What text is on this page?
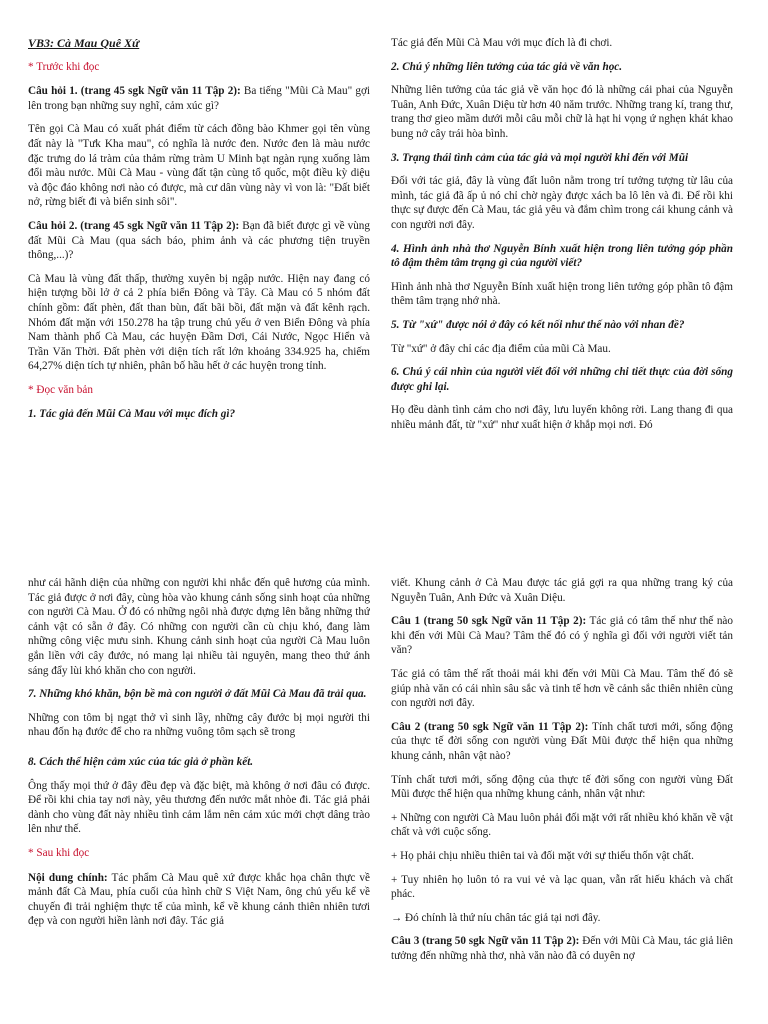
VB3: Cà Mau Quê Xứ

* Trước khi đọc

Câu hỏi 1. (trang 45 sgk Ngữ văn 11 Tập 2): Ba tiếng "Mũi Cà Mau" gợi lên trong bạn những suy nghĩ, cảm xúc gì?

Tên gọi Cà Mau có xuất phát điểm từ cách đồng bào Khmer gọi tên vùng đất này là "Tưk Kha mau", có nghĩa là nước đen. Nước đen là màu nước đặc trưng do lá tràm của thảm rừng tràm U Minh bạt ngàn rụng xuống làm đổi màu nước. Mũi Cà Mau - vùng đất tận cùng tổ quốc, một điều kỳ diệu và độc đáo không nơi nào có được, mà cư dân vùng này vì von là: "Đất biết nở, rừng biết đi và biển sinh sôi".

Câu hỏi 2. (trang 45 sgk Ngữ văn 11 Tập 2): Bạn đã biết được gì về vùng đất Mũi Cà Mau (qua sách báo, phim ảnh và các phương tiện truyền thông,...)?

Cà Mau là vùng đất thấp, thường xuyên bị ngập nước. Hiện nay đang có hiện tượng bồi lở ở cả 2 phía biển Đông và Tây. Cà Mau có 5 nhóm đất chính gồm: đất phèn, đất than bùn, đất bãi bồi, đất mặn và đất kênh rạch. Nhóm đất mặn với 150.278 ha tập trung chủ yếu ở ven Biển Đông và phía Nam thành phố Cà Mau, các huyện Đầm Dơi, Cái Nước, Ngọc Hiển và Trần Văn Thời. Đất phèn với diện tích rất lớn khoảng 334.925 ha, chiếm 64,27% diện tích tự nhiên, phân bố hầu hết ở các huyện trong tỉnh.

* Đọc văn bản

1. Tác giả đến Mũi Cà Mau với mục đích gì?

Tác giả đến Mũi Cà Mau với mục đích là đi chơi.

2. Chú ý những liên tưởng của tác giả về văn học.

Những liên tưởng của tác giả về văn học đó là những cái phai của Nguyễn Tuân, Anh Đức, Xuân Diệu từ hơn 40 năm trước. Những trang kí, trang thư, trang thơ gieo mầm dưới mỗi câu mỗi chữ là hạt hi vọng ứ nghẹn khát khao bung nở cây trái hòa bình.

3. Trạng thái tình cảm của tác giả và mọi người khi đến với Mũi

Đối với tác giả, đây là vùng đất luôn nằm trong trí tưởng tượng từ lâu của mình, tác giả đã ấp ủ nó chỉ chờ ngày được xách ba lô lên và đi. Để rồi khi thực sự được đến Cà Mau, tác giả yêu và đắm chìm trong cái khung cảnh và con người nơi đây.

4. Hình ảnh nhà thơ Nguyễn Bính xuất hiện trong liên tưởng góp phần tô đậm thêm tâm trạng gì của người viết?

Hình ảnh nhà thơ Nguyễn Bính xuất hiện trong liên tưởng góp phần tô đậm thêm tâm trạng nhớ nhà.

5. Từ "xứ" được nói ở đây có kết nối như thế nào với nhan đề?

Từ "xứ" ở đây chỉ các địa điểm của mũi Cà Mau.

6. Chú ý cái nhìn của người viết đối với những chi tiết thực của đời sống được ghi lại.

Họ đều dành tình cảm cho nơi đây, lưu luyến không rời. Lang thang đi qua nhiều mảnh đất, từ "xứ" như xuất hiện ở khắp mọi nơi. Đó

như cái hãnh diện của những con người khi nhắc đến quê hương của mình. Tác giả được ở nơi đây, cùng hòa vào khung cảnh sống sinh hoạt của những con người Cà Mau. Ở đó có những ngôi nhà được dựng lên bằng những thứ cảnh vật có sẵn ở đây. Có những con người cần cù chịu khó, đang làm những công việc mưu sinh. Khung cảnh sinh hoạt của người Cà Mau luôn gắn liền với cây đước, nó mang lại nhiều tài nguyên, mang theo thứ ánh sáng đẩy lùi khó khăn cho con người.

7. Những khó khăn, bộn bề mà con người ở đất Mũi Cà Mau đã trải qua.

Những con tôm bị ngạt thở vì sinh lầy, những cây đước bị mọi người thi nhau đốn hạ đước để cho ra những vuông tôm sạch sẽ trong

8. Cách thể hiện cảm xúc của tác giả ở phần kết.

Ông thấy mọi thứ ở đây đều đẹp và đặc biệt, mà không ở nơi đâu có được. Để rồi khi chia tay nơi này, yêu thương đến nước mắt nhòe đi. Tác giả phải dành cho vùng đất này nhiều tình cảm lắm nên cảm xúc mới chợt dâng trào lên như thế.

* Sau khi đọc

Nội dung chính: Tác phẩm Cà Mau quê xứ được khắc họa chân thực về mảnh đất Cà Mau, phía cuối của hình chữ S Việt Nam, ông chủ yếu kể về chuyến đi trải nghiệm thực tế của mình, kể về khung cảnh thiên nhiên tươi đẹp và con người hiền lành nơi đây. Tác giả

viết. Khung cảnh ở Cà Mau được tác giả gợi ra qua những trang ký của Nguyễn Tuân, Anh Đức và Xuân Diệu.

Câu 1 (trang 50 sgk Ngữ văn 11 Tập 2): Tác giả có tâm thế như thế nào khi đến với Mũi Cà Mau? Tâm thế đó có ý nghĩa gì đối với người viết tản văn?

Tác giả có tâm thế rất thoải mái khi đến với Mũi Cà Mau. Tâm thế đó sẽ giúp nhà văn có cái nhìn sâu sắc và tinh tế hơn về cảnh sắc thiên nhiên cùng con người nơi đây.

Câu 2 (trang 50 sgk Ngữ văn 11 Tập 2): Tính chất tươi mới, sống động của thực tế đời sống con người vùng Đất Mũi được thể hiện qua những khung cảnh, nhân vật nào?

Tính chất tươi mới, sống động của thực tế đời sống con người vùng Đất Mũi được thể hiện qua những khung cảnh, nhân vật như:

+ Những con người Cà Mau luôn phải đối mặt với rất nhiều khó khăn về vật chất và với cuộc sống.

+ Họ phải chịu nhiều thiên tai và đối mặt với sự thiếu thốn vật chất.

+ Tuy nhiên họ luôn tỏ ra vui vẻ và lạc quan, vẫn rất hiếu khách và chất phác.

→ Đó chính là thứ níu chân tác giả tại nơi đây.

Câu 3 (trang 50 sgk Ngữ văn 11 Tập 2): Đến với Mũi Cà Mau, tác giả liên tưởng đến những nhà thơ, nhà văn nào đã có duyên nợ
